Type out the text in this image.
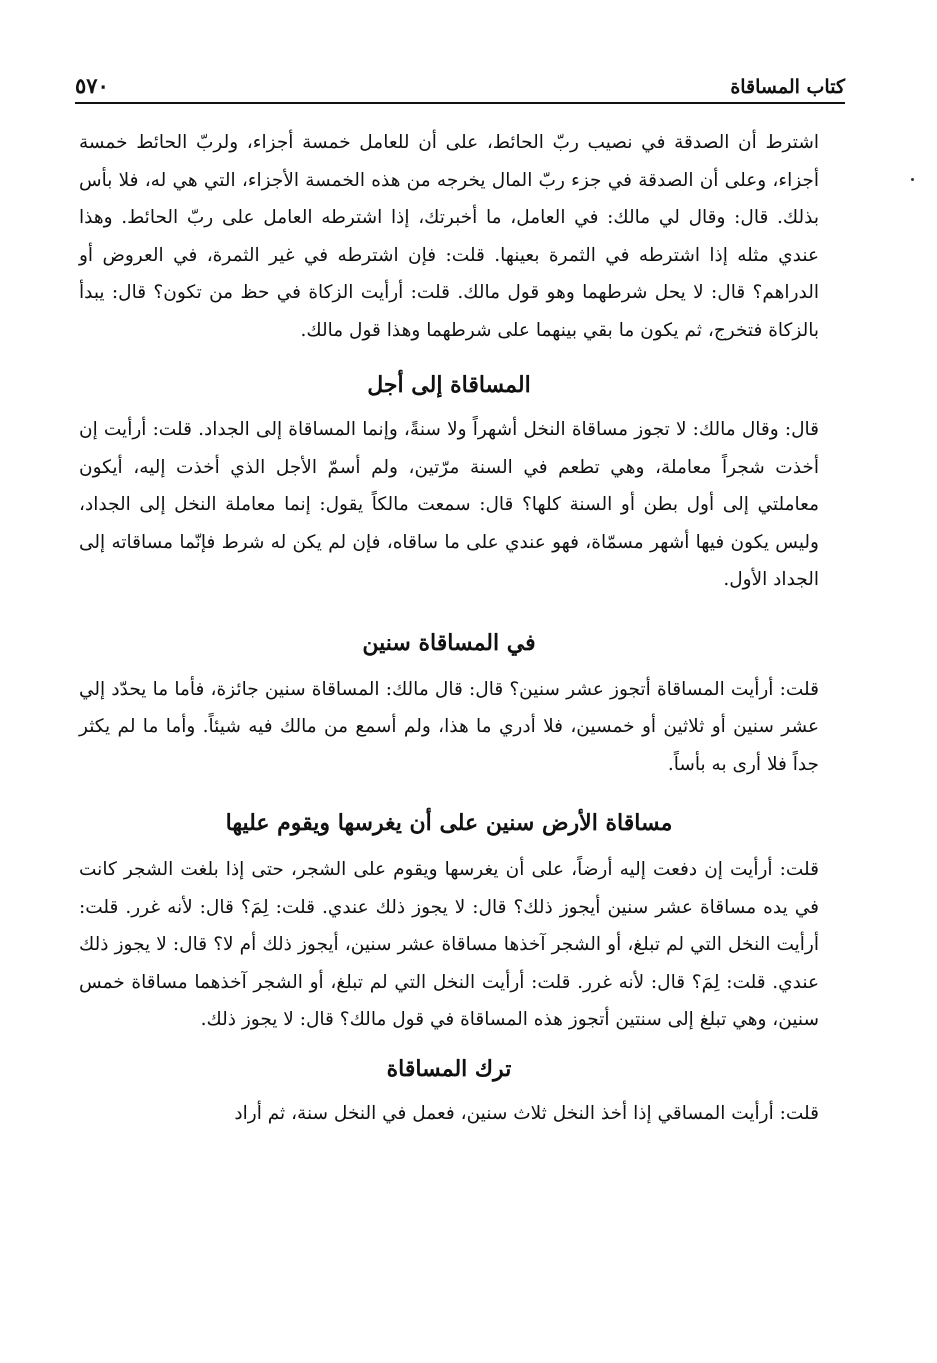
كتاب المساقاة
٥٧٠

اشترط أن الصدقة في نصيب ربّ الحائط، على أن للعامل خمسة أجزاء، ولربّ الحائط خمسة أجزاء، وعلى أن الصدقة في جزء ربّ المال يخرجه من هذه الخمسة الأجزاء، التي هي له، فلا بأس بذلك. قال: وقال لي مالك: في العامل، ما أخبرتك، إذا اشترطه العامل على ربّ الحائط. وهذا عندي مثله إذا اشترطه في الثمرة بعينها. قلت: فإن اشترطه في غير الثمرة، في العروض أو الدراهم؟ قال: لا يحل شرطهما وهو قول مالك. قلت: أرأيت الزكاة في حظ من تكون؟ قال: يبدأ بالزكاة فتخرج، ثم يكون ما بقي بينهما على شرطهما وهذا قول مالك.

المساقاة إلى أجل

قال: وقال مالك: لا تجوز مساقاة النخل أشهراً ولا سنةً، وإنما المساقاة إلى الجداد. قلت: أرأيت إن أخذت شجراً معاملة، وهي تطعم في السنة مرّتين، ولم أسمّ الأجل الذي أخذت إليه، أيكون معاملتي إلى أول بطن أو السنة كلها؟ قال: سمعت مالكاً يقول: إنما معاملة النخل إلى الجداد، وليس يكون فيها أشهر مسمّاة، فهو عندي على ما ساقاه، فإن لم يكن له شرط فإنّما مساقاته إلى الجداد الأول.

في المساقاة سنين

قلت: أرأيت المساقاة أتجوز عشر سنين؟ قال: قال مالك: المساقاة سنين جائزة، فأما ما يحدّد إلي عشر سنين أو ثلاثين أو خمسين، فلا أدري ما هذا، ولم أسمع من مالك فيه شيئاً. وأما ما لم يكثر جداً فلا أرى به بأساً.

مساقاة الأرض سنين على أن يغرسها ويقوم عليها

قلت: أرأيت إن دفعت إليه أرضاً، على أن يغرسها ويقوم على الشجر، حتى إذا بلغت الشجر كانت في يده مساقاة عشر سنين أيجوز ذلك؟ قال: لا يجوز ذلك عندي. قلت: لِمَ؟ قال: لأنه غرر. قلت: أرأيت النخل التي لم تبلغ، أو الشجر آخذها مساقاة عشر سنين، أيجوز ذلك أم لا؟ قال: لا يجوز ذلك عندي. قلت: لِمَ؟ قال: لأنه غرر. قلت: أرأيت النخل التي لم تبلغ، أو الشجر آخذهما مساقاة خمس سنين، وهي تبلغ إلى سنتين أتجوز هذه المساقاة في قول مالك؟ قال: لا يجوز ذلك.

ترك المساقاة

قلت: أرأيت المساقي إذا أخذ النخل ثلاث سنين، فعمل في النخل سنة، ثم أراد
